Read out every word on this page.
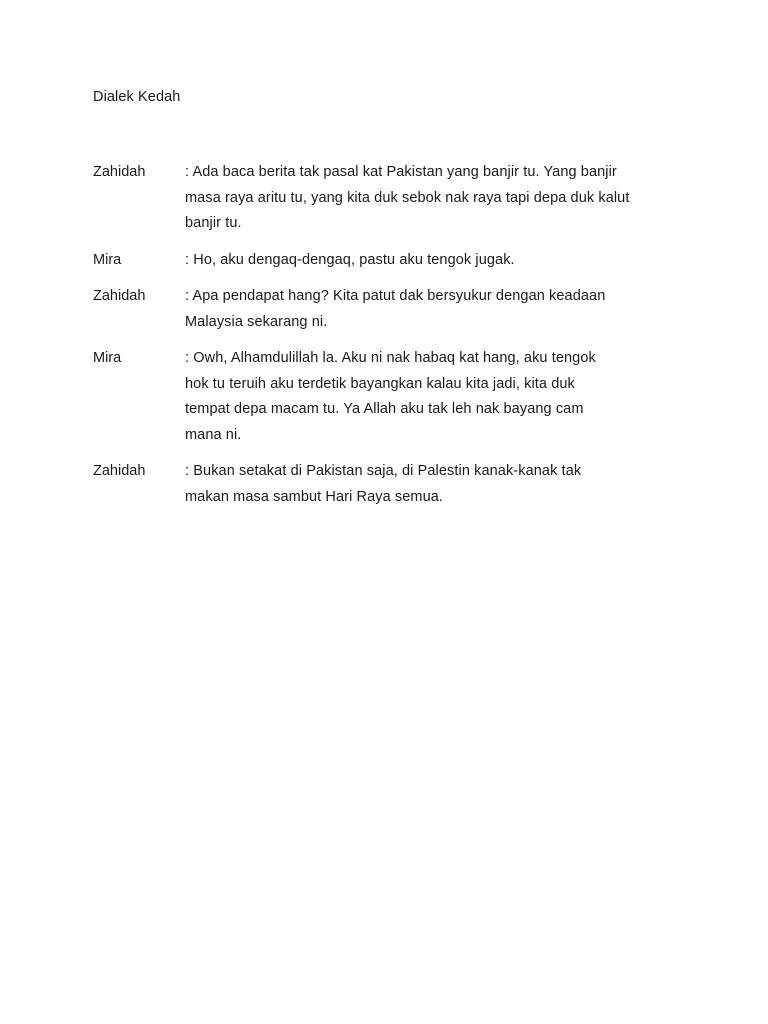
Dialek Kedah
Zahidah	: Ada baca berita tak pasal kat Pakistan yang banjir tu. Yang banjir
masa raya aritu tu, yang kita duk sebok nak raya tapi depa duk kalut
banjir tu.
Mira	: Ho, aku dengaq-dengaq, pastu aku tengok jugak.
Zahidah	: Apa pendapat hang? Kita patut dak bersyukur dengan keadaan
Malaysia sekarang ni.
Mira	: Owh, Alhamdulillah la. Aku ni nak habaq kat hang, aku tengok
hok tu teruih aku terdetik bayangkan kalau kita jadi, kita duk
tempat depa macam tu. Ya Allah aku tak leh nak bayang cam
mana ni.
Zahidah	: Bukan setakat di Pakistan saja, di Palestin kanak-kanak tak
makan masa sambut Hari Raya semua.
